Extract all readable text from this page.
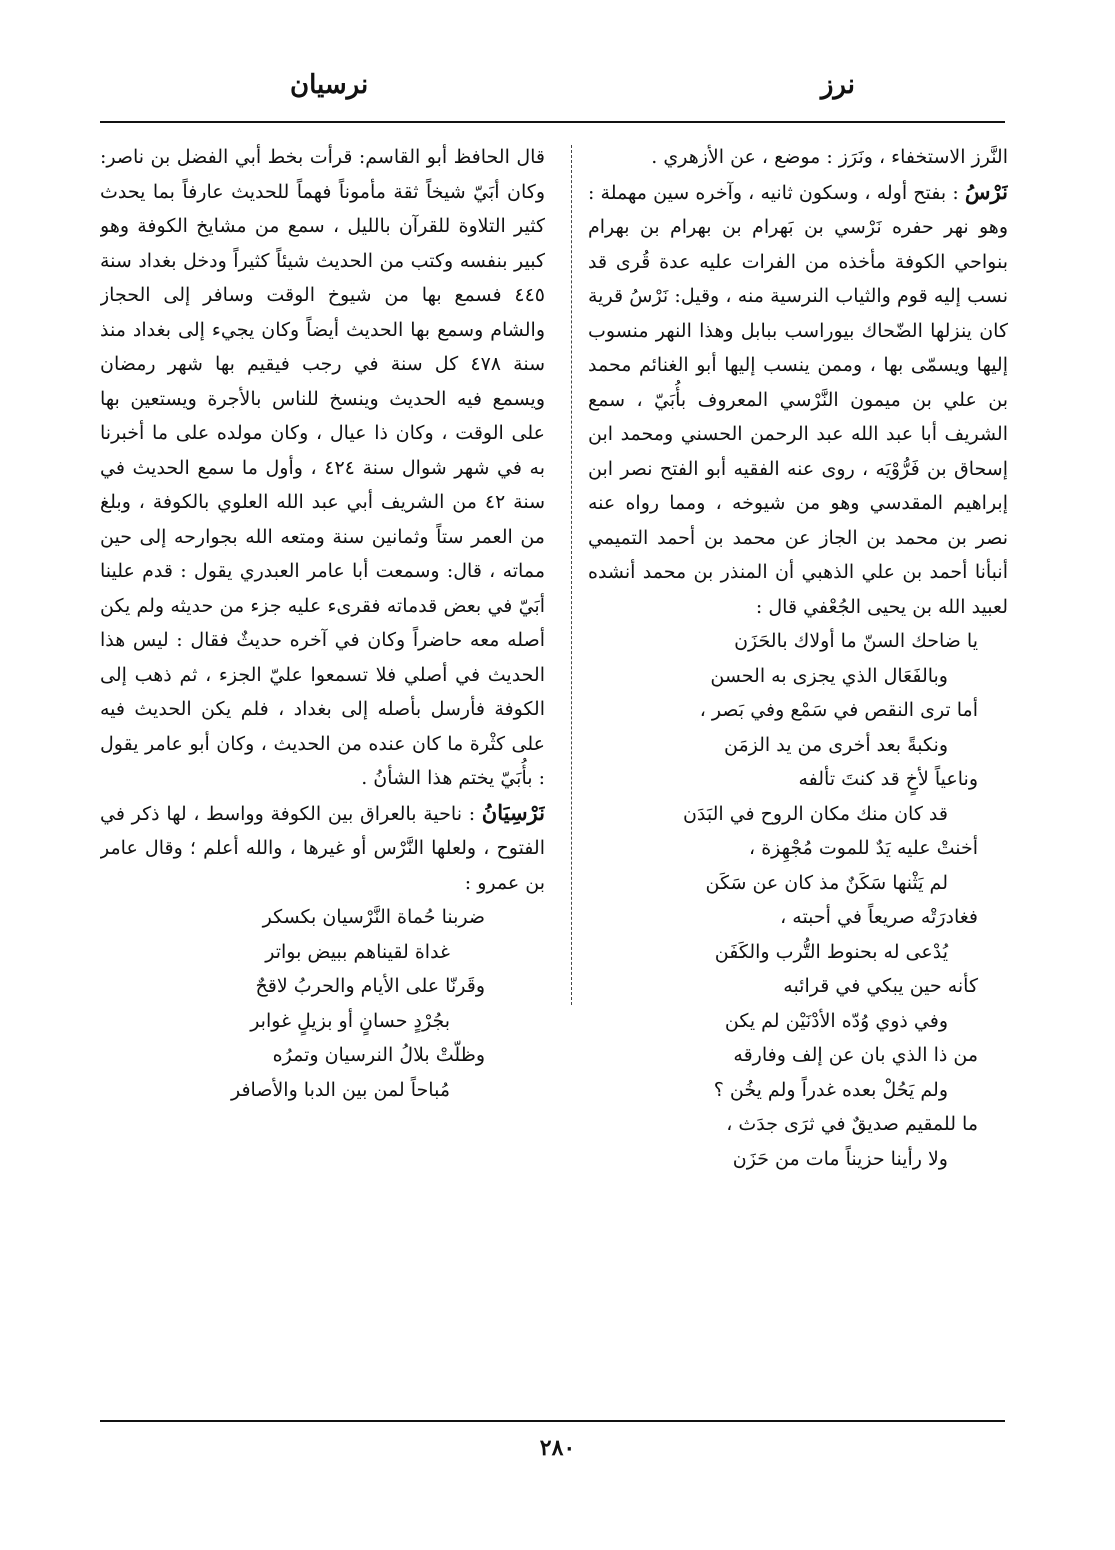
نرز
نرسيان

النَّرز الاستخفاء ، ونَرَز : موضع ، عن الأزهري .

نَرْسُ : بفتح أوله ، وسكون ثانيه ، وآخره سين مهملة : وهو نهر حفره نَرْسي بن بَهرام بن بهرام بن بهرام بنواحي الكوفة مأخذه من الفرات عليه عدة قُرى قد نسب إليه قوم والثياب النرسية منه ، وقيل: نَرْسُ قرية كان ينزلها الضّحاك بيوراسب ببابل وهذا النهر منسوب إليها ويسمّى بها ، وممن ينسب إليها أبو الغنائم محمد بن علي بن ميمون النَّرْسي المعروف بأُبَيّ ، سمع الشريف أبا عبد الله عبد الرحمن الحسني ومحمد ابن إسحاق بن فَرُّوْيَه ، روى عنه الفقيه أبو الفتح نصر ابن إبراهيم المقدسي وهو من شيوخه ، ومما رواه عنه نصر بن محمد بن الجاز عن محمد بن أحمد التميمي أنبأنا أحمد بن علي الذهبي أن المنذر بن محمد أنشده لعبيد الله بن يحيى الجُعْفي قال :

يا ضاحك السنّ ما أولاك بالحَزَن
وبالفَعَال الذي يجزى به الحسن
أما ترى النقص في سَمْع وفي بَصر ،
ونكبةً بعد أخرى من يد الزمَن
وناعياً لأخٍ قد كنتَ تألفه
قد كان منك مكان الروح في البَدَن
أخنتْ عليه يَدٌ للموت مُجْهِزة ،
لم يَثْنها سَكَنٌ مذ كان عن سَكَن
فغادرَتْه صريعاً في أحبته ،
يُدْعى له بحنوط التُّرب والكَفَن
كأنه حين يبكي في قرائبه
وفي ذوي وُدّه الأدْنَيْن لم يكن
من ذا الذي بان عن إلف وفارقه
ولم يَحُلْ بعده غدراً ولم يخُن ؟
ما للمقيم صديقٌ في ثرَى جدَث ،
ولا رأينا حزيناً مات من حَزَن

قال الحافظ أبو القاسم: قرأت بخط أبي الفضل بن ناصر: وكان أبَيّ شيخاً ثقة مأموناً فهماً للحديث عارفاً بما يحدث كثير التلاوة للقرآن بالليل ، سمع من مشايخ الكوفة وهو كبير بنفسه وكتب من الحديث شيئاً كثيراً ودخل بغداد سنة ٤٤٥ فسمع بها من شيوخ الوقت وسافر إلى الحجاز والشام وسمع بها الحديث أيضاً وكان يجيء إلى بغداد منذ سنة ٤٧٨ كل سنة في رجب فيقيم بها شهر رمضان ويسمع فيه الحديث وينسخ للناس بالأجرة ويستعين بها على الوقت ، وكان ذا عيال ، وكان مولده على ما أخبرنا به في شهر شوال سنة ٤٢٤ ، وأول ما سمع الحديث في سنة ٤٢ من الشريف أبي عبد الله العلوي بالكوفة ، وبلغ من العمر ستاً وثمانين سنة ومتعه الله بجوارحه إلى حين مماته ، قال: وسمعت أبا عامر العبدري يقول : قدم علينا أبَيّ في بعض قدماته فقرىء عليه جزء من حديثه ولم يكن أصله معه حاضراً وكان في آخره حديثٌ فقال : ليس هذا الحديث في أصلي فلا تسمعوا عليّ الجزء ، ثم ذهب إلى الكوفة فأرسل بأصله إلى بغداد ، فلم يكن الحديث فيه على كثْرة ما كان عنده من الحديث ، وكان أبو عامر يقول : بأُبَيّ يختم هذا الشأنُ .

نَرْسِيَانُ : ناحية بالعراق بين الكوفة وواسط ، لها ذكر في الفتوح ، ولعلها النَّرْس أو غيرها ، والله أعلم ؛ وقال عامر بن عمرو :

ضربنا حُماة النَّرْسيان بكسكر
غداة لقيناهم ببيض بواتر
وقَرنّا على الأيام والحربُ لاقحٌ
بجُرْدٍ حسانٍ أو بزيلٍ غوابر
وظلّتْ بلالُ النرسيان وتمرُه
مُباحاً لمن بين الدبا والأصافر
٢٨٠
